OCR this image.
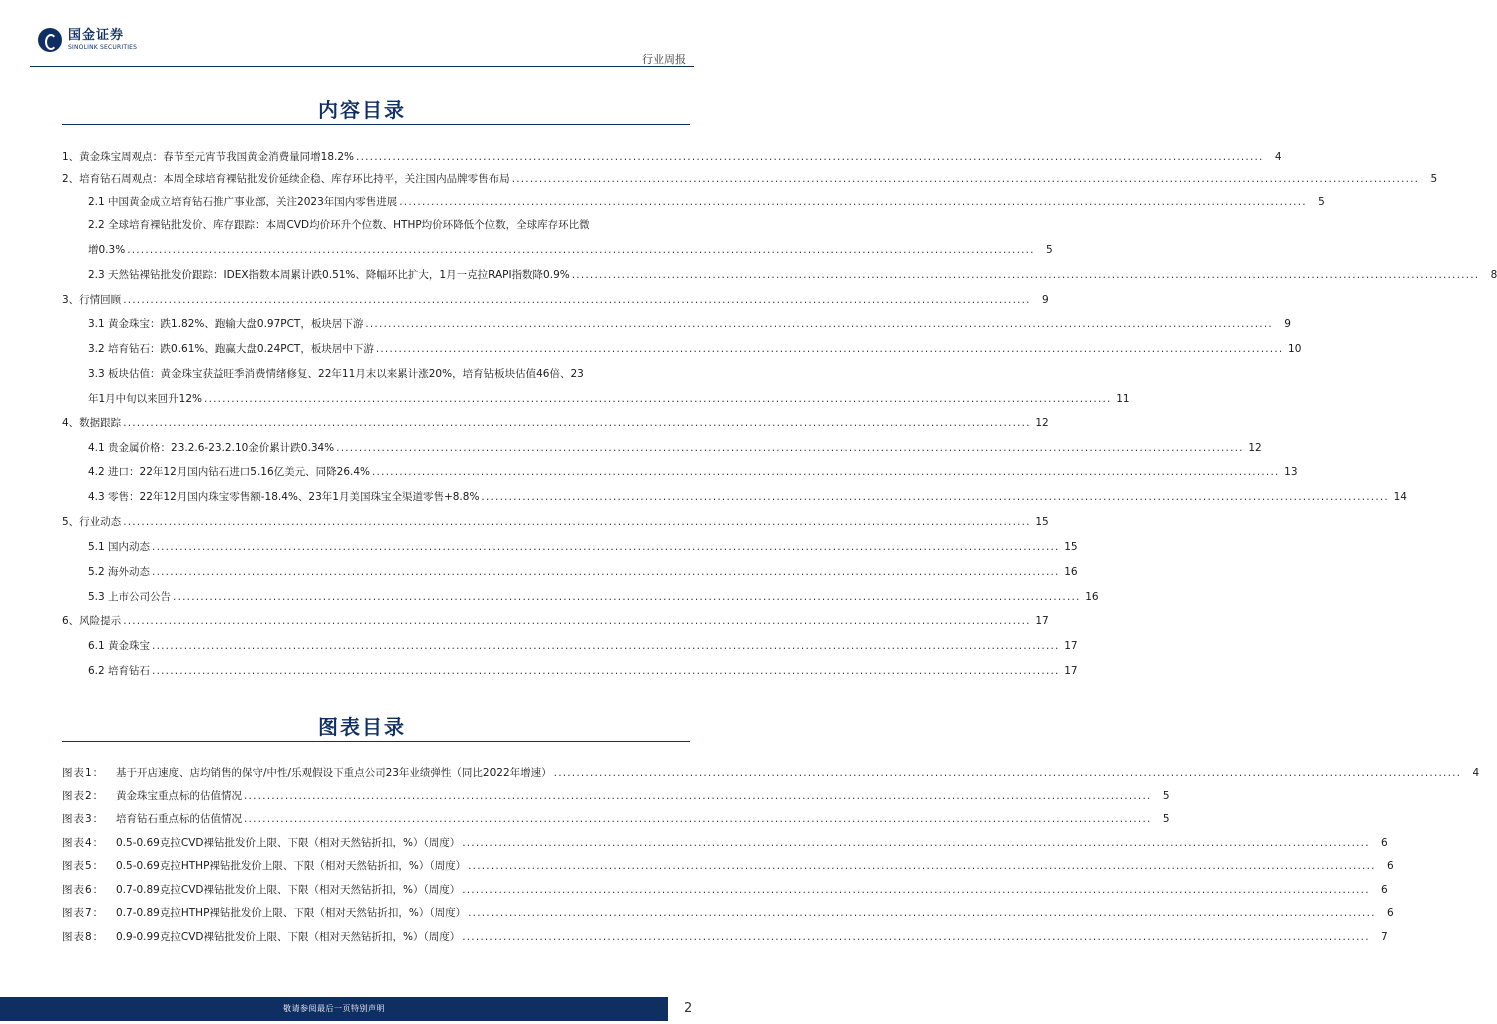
国金证券
SINOLINK SECURITIES
行业周报
内容目录
1、黄金珠宝周观点：春节至元宵节我国黄金消费量同增18.2% ........................................................................................................................................................................................................	4
2、培育钻石周观点：本周全球培育裸钻批发价延续企稳、库存环比持平，关注国内品牌零售布局 ........................................................................................................................................................................................................	5
2.1 中国黄金成立培育钻石推广事业部，关注2023年国内零售进展 ........................................................................................................................................................................................................	5
2.2 全球培育裸钻批发价、库存跟踪：本周CVD均价环升个位数、HTHP均价环降低个位数，全球库存环比微
增0.3% ........................................................................................................................................................................................................	5
2.3 天然钻裸钻批发价跟踪：IDEX指数本周累计跌0.51%、降幅环比扩大，1月一克拉RAPI指数降0.9% ........................................................................................................................................................................................................	8
3、行情回顾 ........................................................................................................................................................................................................	9
3.1 黄金珠宝：跌1.82%、跑输大盘0.97PCT，板块居下游 ........................................................................................................................................................................................................	9
3.2 培育钻石：跌0.61%、跑赢大盘0.24PCT，板块居中下游 ........................................................................................................................................................................................................ 10
3.3 板块估值：黄金珠宝获益旺季消费情绪修复、22年11月末以来累计涨20%，培育钻板块估值46倍、23
年1月中旬以来回升12% ........................................................................................................................................................................................................ 11
4、数据跟踪 ........................................................................................................................................................................................................ 12
4.1 贵金属价格：23.2.6-23.2.10金价累计跌0.34% ........................................................................................................................................................................................................ 12
4.2 进口：22年12月国内钻石进口5.16亿美元、同降26.4% ........................................................................................................................................................................................................ 13
4.3 零售：22年12月国内珠宝零售额-18.4%、23年1月美国珠宝全渠道零售+8.8% ........................................................................................................................................................................................................ 14
5、行业动态 ........................................................................................................................................................................................................ 15
5.1 国内动态 ........................................................................................................................................................................................................ 15
5.2 海外动态 ........................................................................................................................................................................................................ 16
5.3 上市公司公告 ........................................................................................................................................................................................................ 16
6、风险提示 ........................................................................................................................................................................................................ 17
6.1 黄金珠宝 ........................................................................................................................................................................................................ 17
6.2 培育钻石 ........................................................................................................................................................................................................ 17
图表目录
图表1：	基于开店速度、店均销售的保守/中性/乐观假设下重点公司23年业绩弹性（同比2022年增速） ........................................................................................................................................................................................................	4
图表2：	黄金珠宝重点标的估值情况 ........................................................................................................................................................................................................	5
图表3：	培育钻石重点标的估值情况 ........................................................................................................................................................................................................	5
图表4：	0.5-0.69克拉CVD裸钻批发价上限、下限（相对天然钻折扣，%）（周度） ........................................................................................................................................................................................................	6
图表5：	0.5-0.69克拉HTHP裸钻批发价上限、下限（相对天然钻折扣，%）（周度） ........................................................................................................................................................................................................	6
图表6：	0.7-0.89克拉CVD裸钻批发价上限、下限（相对天然钻折扣，%）（周度） ........................................................................................................................................................................................................	6
图表7：	0.7-0.89克拉HTHP裸钻批发价上限、下限（相对天然钻折扣，%）（周度） ........................................................................................................................................................................................................	6
图表8：	0.9-0.99克拉CVD裸钻批发价上限、下限（相对天然钻折扣，%）（周度） ........................................................................................................................................................................................................	7
敬请参阅最后一页特别声明	2
